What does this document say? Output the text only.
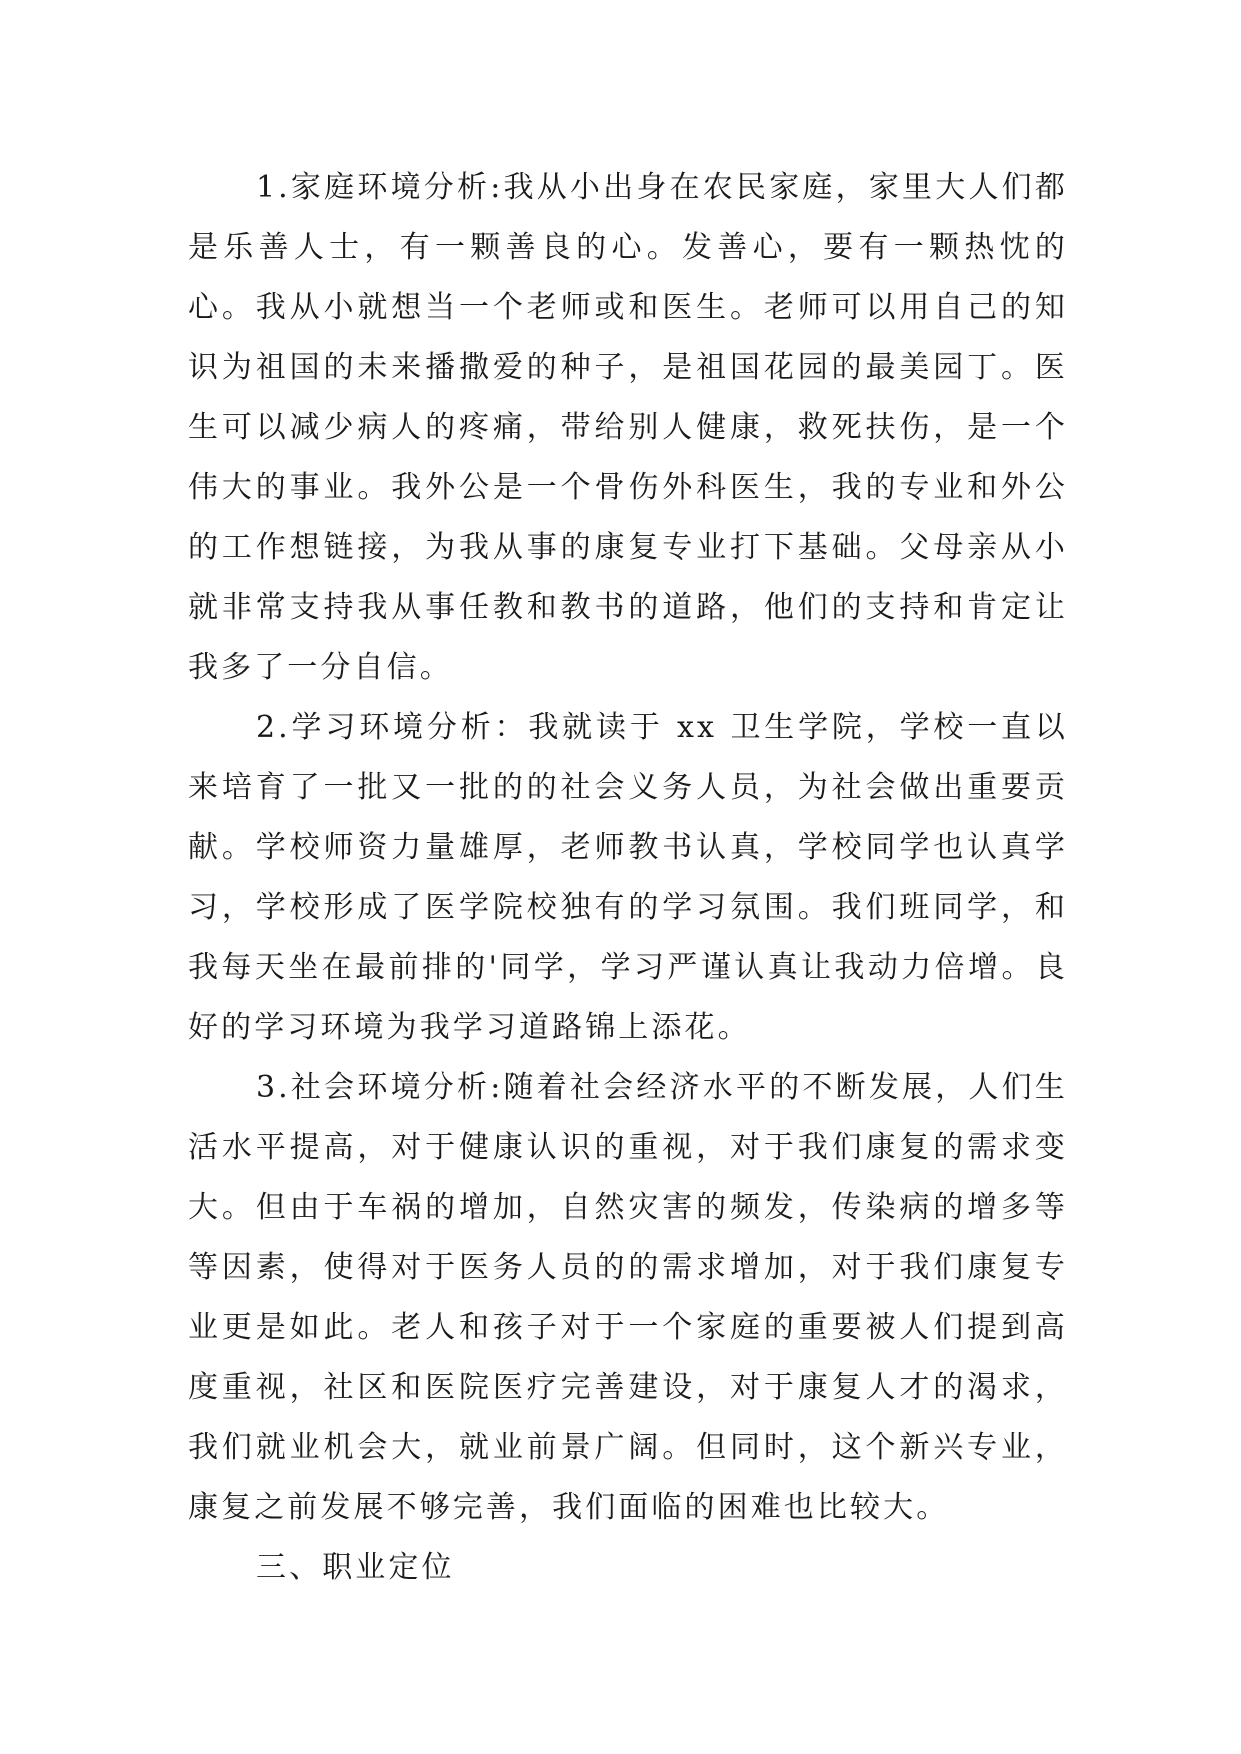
1.家庭环境分析:我从小出身在农民家庭，家里大人们都是乐善人士，有一颗善良的心。发善心，要有一颗热忱的心。我从小就想当一个老师或和医生。老师可以用自己的知识为祖国的未来播撒爱的种子，是祖国花园的最美园丁。医生可以减少病人的疼痛，带给别人健康，救死扶伤，是一个伟大的事业。我外公是一个骨伤外科医生，我的专业和外公的工作想链接，为我从事的康复专业打下基础。父母亲从小就非常支持我从事任教和教书的道路，他们的支持和肯定让我多了一分自信。

2.学习环境分析：我就读于 xx 卫生学院，学校一直以来培育了一批又一批的的社会义务人员，为社会做出重要贡献。学校师资力量雄厚，老师教书认真，学校同学也认真学习，学校形成了医学院校独有的学习氛围。我们班同学，和我每天坐在最前排的'同学，学习严谨认真让我动力倍增。良好的学习环境为我学习道路锦上添花。

3.社会环境分析:随着社会经济水平的不断发展，人们生活水平提高，对于健康认识的重视，对于我们康复的需求变大。但由于车祸的增加，自然灾害的频发，传染病的增多等等因素，使得对于医务人员的的需求增加，对于我们康复专业更是如此。老人和孩子对于一个家庭的重要被人们提到高度重视，社区和医院医疗完善建设，对于康复人才的渴求，我们就业机会大，就业前景广阔。但同时，这个新兴专业，康复之前发展不够完善，我们面临的困难也比较大。

三、职业定位
